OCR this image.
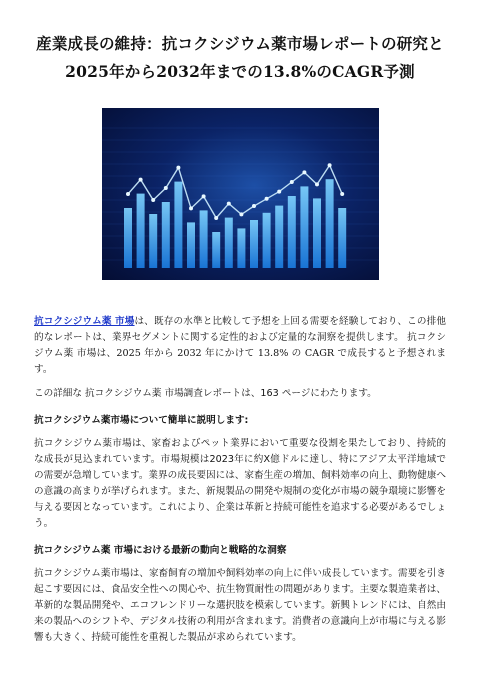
産業成長の維持：抗コクシジウム薬市場レポートの研究と2025年から2032年までの13.8%のCAGR予測

抗コクシジウム薬 市場は、既存の水準と比較して予想を上回る需要を経験しており、この排他的なレポートは、業界セグメントに関する定性的および定量的な洞察を提供します。 抗コクシジウム薬 市場は、2025 年から 2032 年にかけて 13.8% の CAGR で成長すると予想されます。

この詳細な 抗コクシジウム薬 市場調査レポートは、163 ページにわたります。

抗コクシジウム薬市場について簡単に説明します:

抗コクシジウム薬市場は、家畜およびペット業界において重要な役割を果たしており、持続的な成長が見込まれています。市場規模は2023年に約X億ドルに達し、特にアジア太平洋地域での需要が急増しています。業界の成長要因には、家畜生産の増加、飼料効率の向上、動物健康への意識の高まりが挙げられます。また、新規製品の開発や規制の変化が市場の競争環境に影響を与える要因となっています。これにより、企業は革新と持続可能性を追求する必要があるでしょう。

抗コクシジウム薬 市場における最新の動向と戦略的な洞察

抗コクシジウム薬市場は、家畜飼育の増加や飼料効率の向上に伴い成長しています。需要を引き起こす要因には、食品安全性への関心や、抗生物質耐性の問題があります。主要な製造業者は、革新的な製品開発や、エコフレンドリーな選択肢を模索しています。新興トレンドには、自然由来の製品へのシフトや、デジタル技術の利用が含まれます。消費者の意識向上が市場に与える影響も大きく、持続可能性を重視した製品が求められています。
